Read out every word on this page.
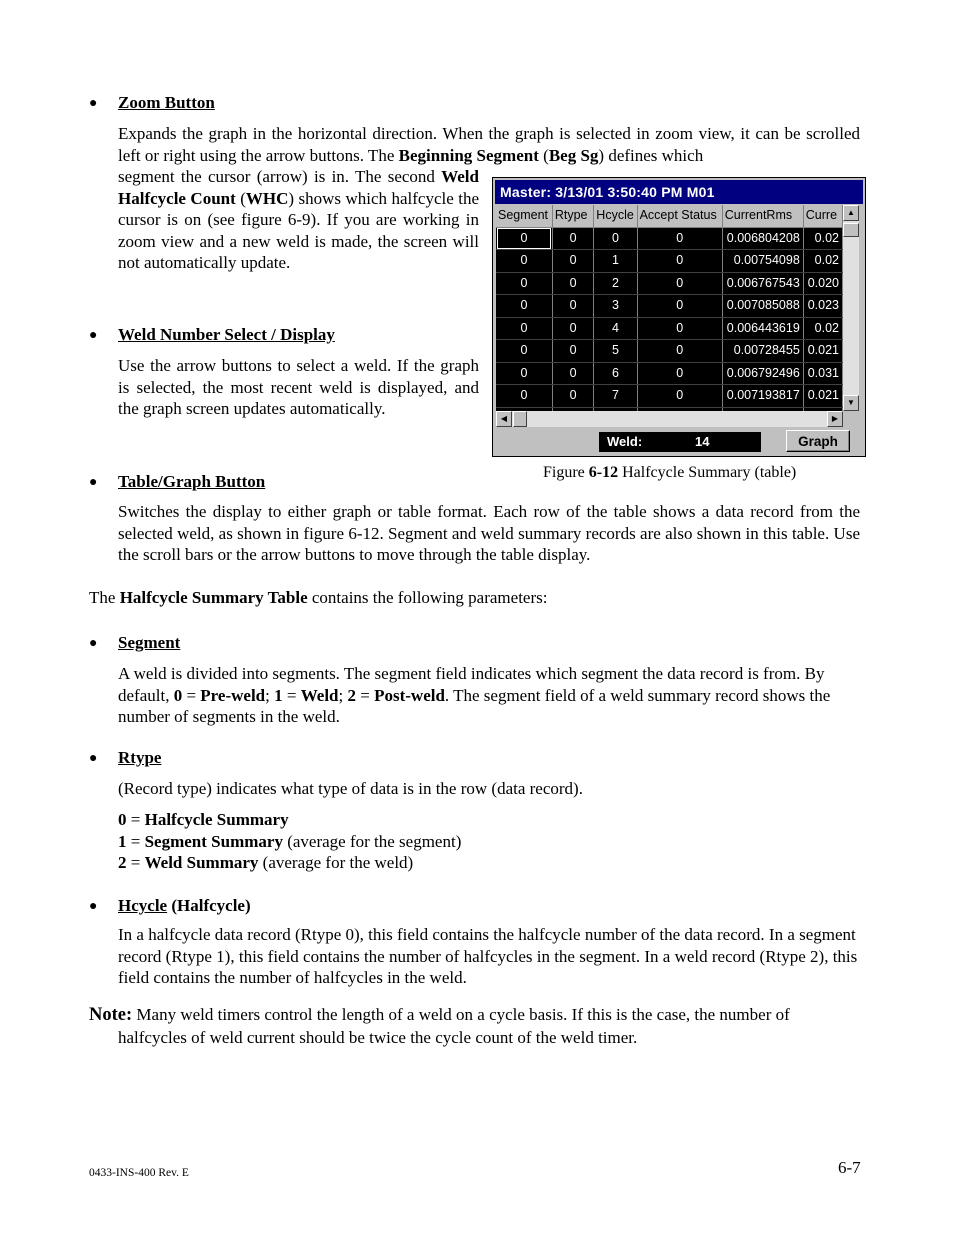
● Zoom Button

Expands the graph in the horizontal direction. When the graph is selected in zoom view, it can be scrolled left or right using the arrow buttons. The Beginning Segment (Beg Sg) defines which

segment the cursor (arrow) is in. The second Weld Halfcycle Count (WHC) shows which halfcycle the cursor is on (see figure 6-9). If you are working in zoom view and a new weld is made, the screen will not automatically update.

● Weld Number Select / Display

Use the arrow buttons to select a weld. If the graph is selected, the most recent weld is displayed, and the graph screen updates automatically.

Master: 3/13/01 3:50:40 PM M01
Segment	Rtype	Hcycle	Accept Status	CurrentRms	Curre
0	0	0	0	0.006804208	0.02
0	0	1	0	0.00754098	0.02
0	0	2	0	0.006767543	0.020
0	0	3	0	0.007085088	0.023
0	0	4	0	0.006443619	0.02
0	0	5	0	0.00728455	0.021
0	0	6	0	0.006792496	0.031
0	0	7	0	0.007193817	0.021

▲
▼
◀	▶
Weld:	14	Graph
Figure 6-12 Halfcycle Summary (table)
● Table/Graph Button

Switches the display to either graph or table format. Each row of the table shows a data record from the selected weld, as shown in figure 6-12. Segment and weld summary records are also shown in this table. Use the scroll bars or the arrow buttons to move through the table display.

The Halfcycle Summary Table contains the following parameters:
● Segment

A weld is divided into segments. The segment field indicates which segment the data record is from. By default, 0 = Pre-weld; 1 = Weld; 2 = Post-weld. The segment field of a weld summary record shows the number of segments in the weld.

● Rtype
(Record type) indicates what type of data is in the row (data record).
0 = Halfcycle Summary
1 = Segment Summary (average for the segment)
2 = Weld Summary (average for the weld)
● Hcycle (Halfcycle)

In a halfcycle data record (Rtype 0), this field contains the halfcycle number of the data record. In a segment record (Rtype 1), this field contains the number of halfcycles in the segment. In a weld record (Rtype 2), this field contains the number of halfcycles in the weld.

Note: Many weld timers control the length of a weld on a cycle basis. If this is the case, the number of halfcycles of weld current should be twice the cycle count of the weld timer.

0433-INS-400 Rev. E	6-7
